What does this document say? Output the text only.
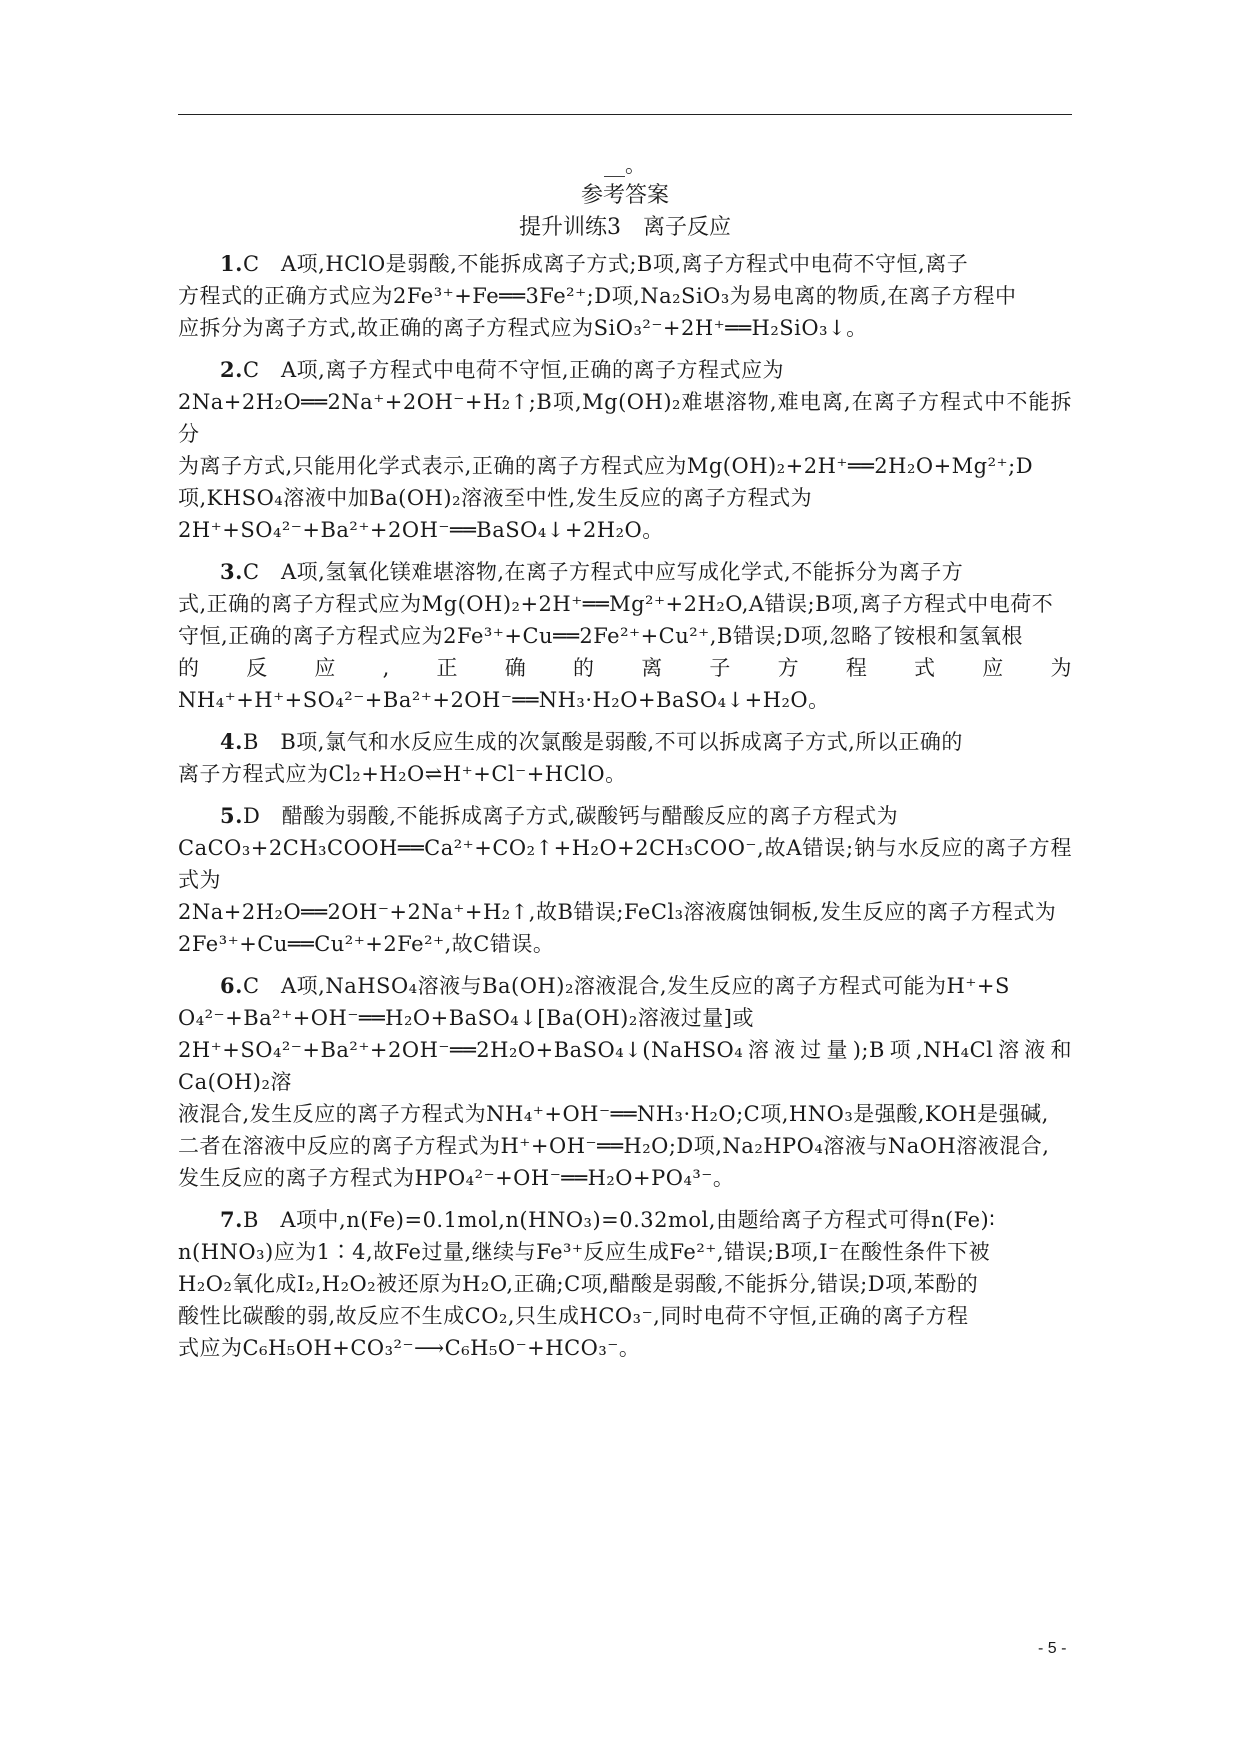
__。
参考答案
提升训练3　离子反应

1.C　A项,HClO是弱酸,不能拆成离子方式;B项,离子方程式中电荷不守恒,离子

方程式的正确方式应为2Fe³⁺+Fe══3Fe²⁺;D项,Na₂SiO₃为易电离的物质,在离子方程中

应拆分为离子方式,故正确的离子方程式应为SiO₃²⁻+2H⁺══H₂SiO₃↓。

2.C　A项,离子方程式中电荷不守恒,正确的离子方程式应为

2Na+2H₂O══2Na⁺+2OH⁻+H₂↑;B项,Mg(OH)₂难堪溶物,难电离,在离子方程式中不能拆分

为离子方式,只能用化学式表示,正确的离子方程式应为Mg(OH)₂+2H⁺══2H₂O+Mg²⁺;D

项,KHSO₄溶液中加Ba(OH)₂溶液至中性,发生反应的离子方程式为

2H⁺+SO₄²⁻+Ba²⁺+2OH⁻══BaSO₄↓+2H₂O。

3.C　A项,氢氧化镁难堪溶物,在离子方程式中应写成化学式,不能拆分为离子方

式,正确的离子方程式应为Mg(OH)₂+2H⁺══Mg²⁺+2H₂O,A错误;B项,离子方程式中电荷不

守恒,正确的离子方程式应为2Fe³⁺+Cu══2Fe²⁺+Cu²⁺,B错误;D项,忽略了铵根和氢氧根

的反应,正确的离子方程式应为NH₄⁺+H⁺+SO₄²⁻+Ba²⁺+2OH⁻══NH₃·H₂O+BaSO₄↓+H₂O。

4.B　B项,氯气和水反应生成的次氯酸是弱酸,不可以拆成离子方式,所以正确的

离子方程式应为Cl₂+H₂O⇌H⁺+Cl⁻+HClO。

5.D　醋酸为弱酸,不能拆成离子方式,碳酸钙与醋酸反应的离子方程式为

CaCO₃+2CH₃COOH══Ca²⁺+CO₂↑+H₂O+2CH₃COO⁻,故A错误;钠与水反应的离子方程式为

2Na+2H₂O══2OH⁻+2Na⁺+H₂↑,故B错误;FeCl₃溶液腐蚀铜板,发生反应的离子方程式为

2Fe³⁺+Cu══Cu²⁺+2Fe²⁺,故C错误。

6.C　A项,NaHSO₄溶液与Ba(OH)₂溶液混合,发生反应的离子方程式可能为H⁺+S

O₄²⁻+Ba²⁺+OH⁻══H₂O+BaSO₄↓[Ba(OH)₂溶液过量]或

2H⁺+SO₄²⁻+Ba²⁺+2OH⁻══2H₂O+BaSO₄↓(NaHSO₄溶液过量);B项,NH₄Cl溶液和Ca(OH)₂溶

液混合,发生反应的离子方程式为NH₄⁺+OH⁻══NH₃·H₂O;C项,HNO₃是强酸,KOH是强碱,

二者在溶液中反应的离子方程式为H⁺+OH⁻══H₂O;D项,Na₂HPO₄溶液与NaOH溶液混合,

发生反应的离子方程式为HPO₄²⁻+OH⁻══H₂O+PO₄³⁻。

7.B　A项中,n(Fe)=0.1mol,n(HNO₃)=0.32mol,由题给离子方程式可得n(Fe)∶

n(HNO₃)应为1∶4,故Fe过量,继续与Fe³⁺反应生成Fe²⁺,错误;B项,I⁻在酸性条件下被

H₂O₂氧化成I₂,H₂O₂被还原为H₂O,正确;C项,醋酸是弱酸,不能拆分,错误;D项,苯酚的

酸性比碳酸的弱,故反应不生成CO₂,只生成HCO₃⁻,同时电荷不守恒,正确的离子方程

式应为C₆H₅OH+CO₃²⁻⟶C₆H₅O⁻+HCO₃⁻。

- 5 -
